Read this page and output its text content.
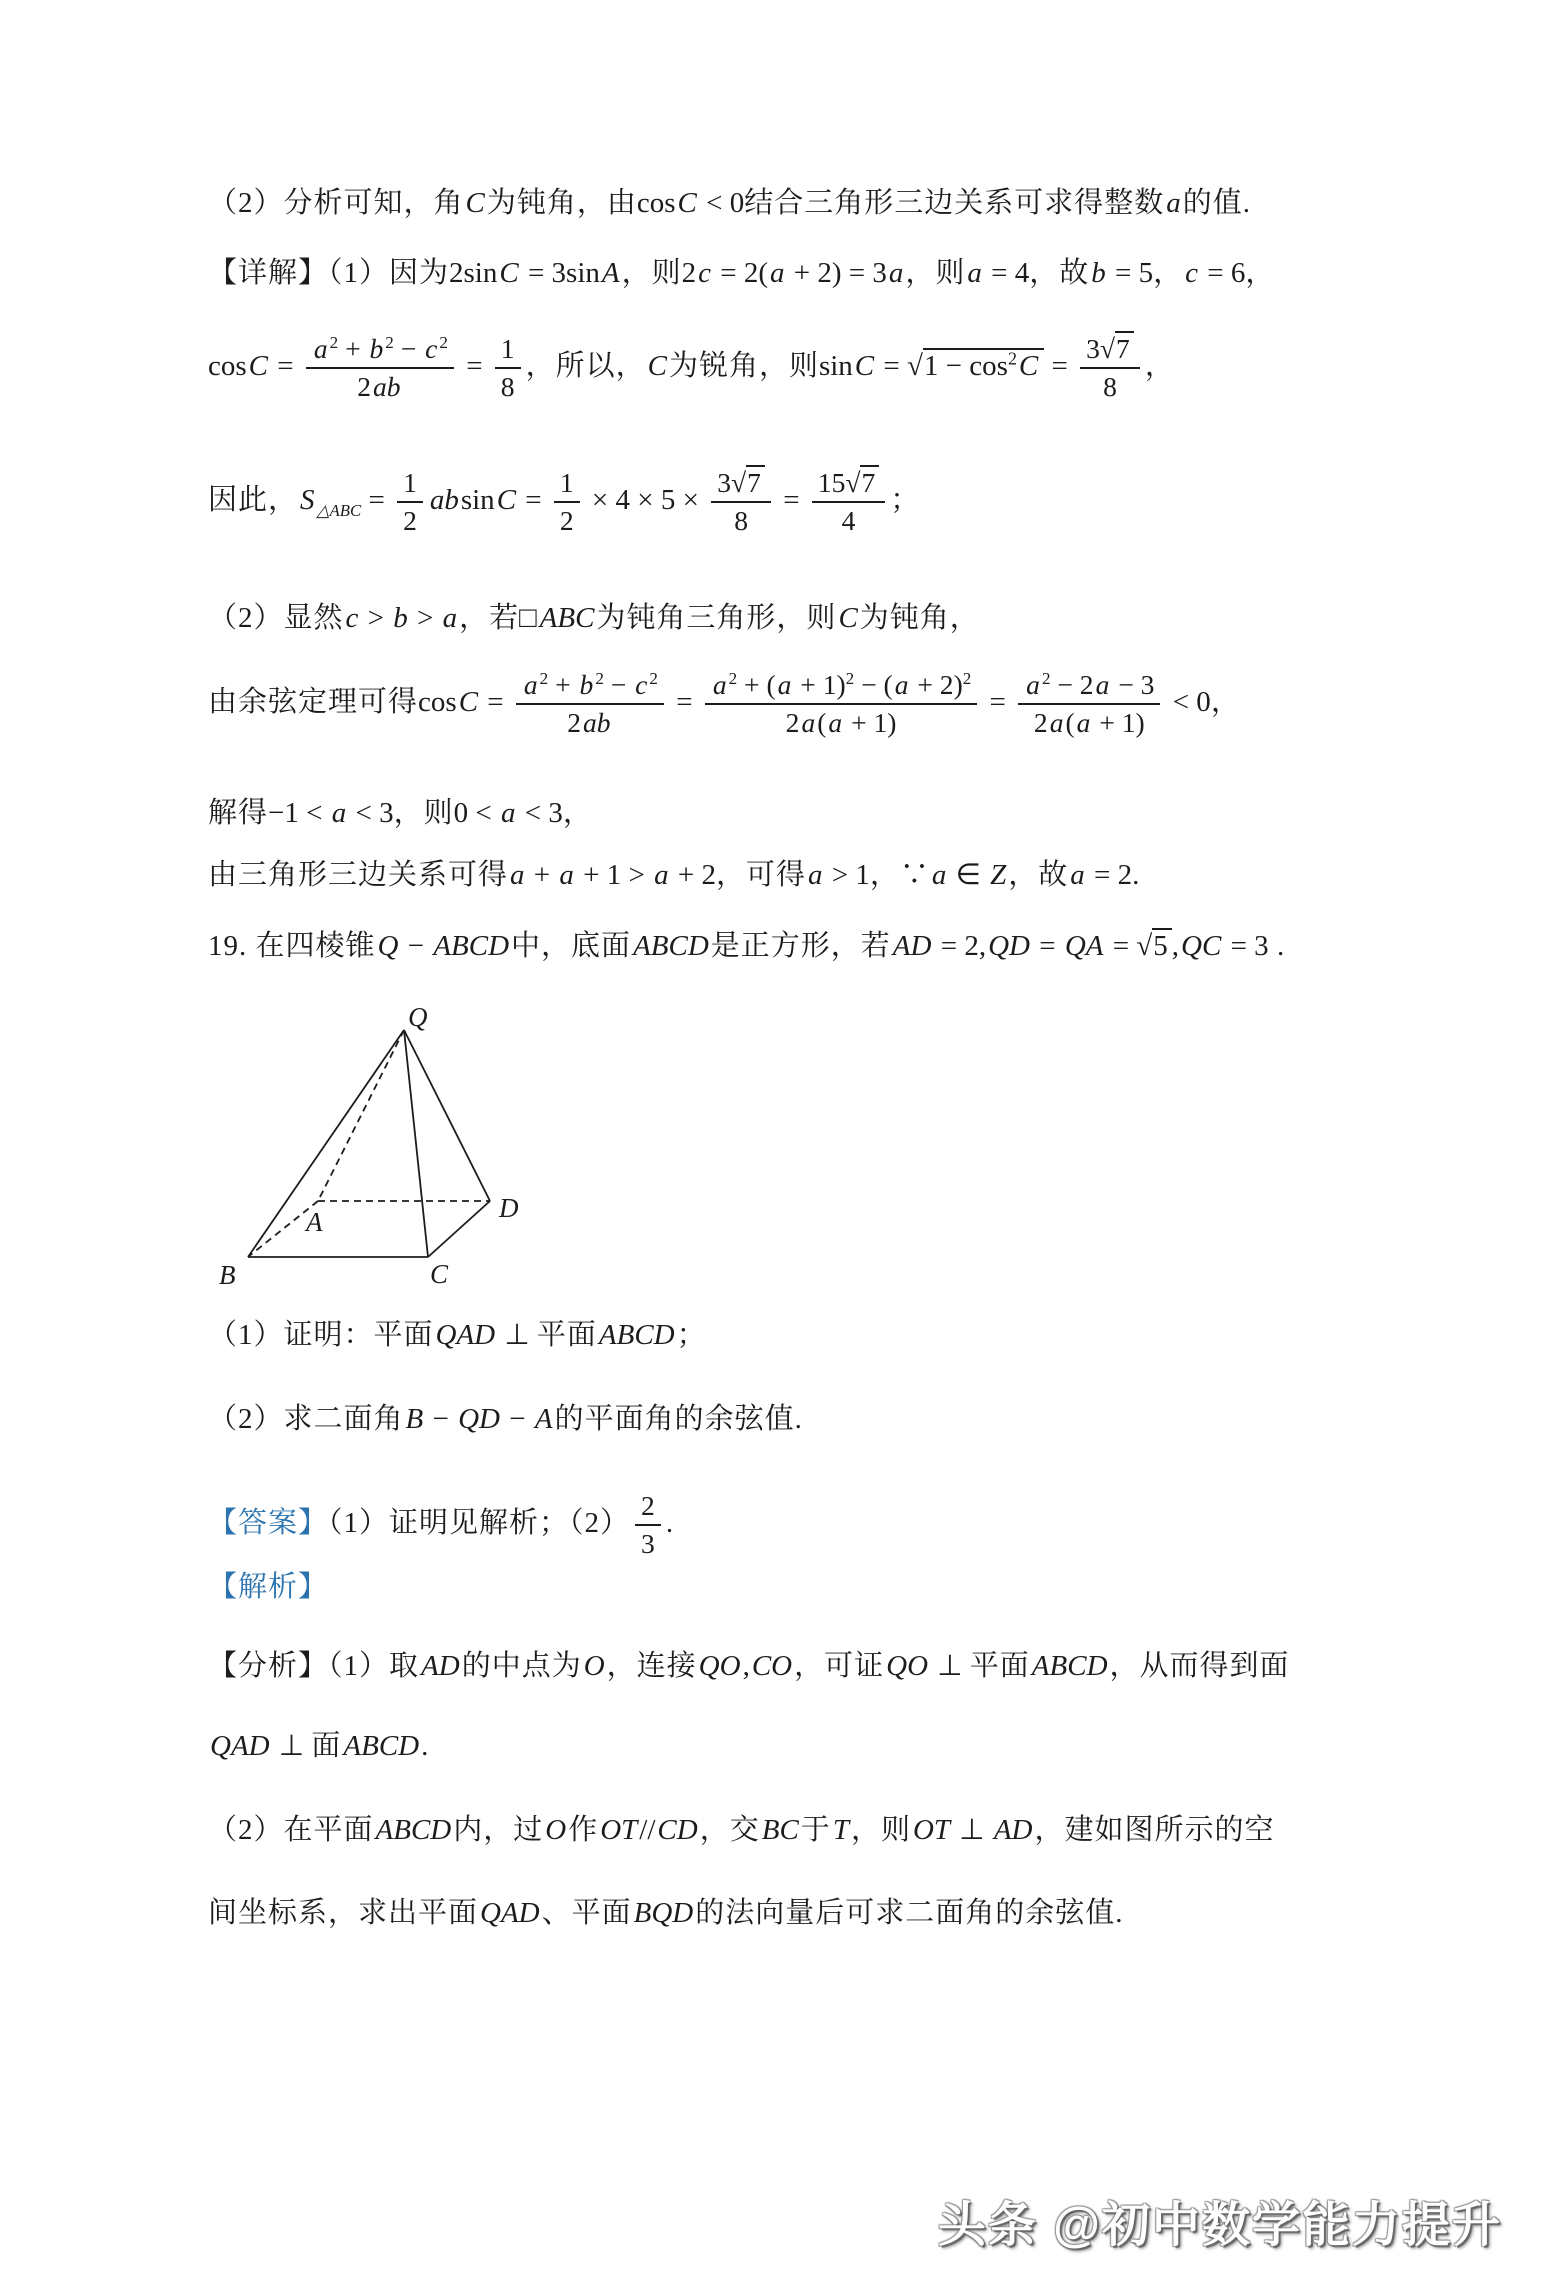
（2）分析可知，角C为钝角，由cosC < 0结合三角形三边关系可求得整数a的值.
【详解】（1）因为2sinC = 3sinA，则2c = 2(a + 2) = 3a，则a = 4，故b = 5，c = 6，
$\cos C = \frac{a ^2 + b ^2 - c ^2}{2ab} = \frac{1}{8}$ ，所以，C为锐角，则$\sin C = √1 - \cos^2C = \frac{3√7}{8}$ ，
因此，S $_{\triangle ABC} = \frac{1}{2}$ $absinC = \frac{1}{2} \times 4 \times 5 \times \frac{3√7}{8} = \frac{15√7}{4}$ ；
（2）显然c > b > a，若□ABC为钝角三角形，则C为钝角，
由余弦定理可得$\cos C = \frac{a ^2 + b ^2 - c ^2}{2ab} = \frac{a ^2 + (a + 1)^2 - (a + 2)^2}{2a(a + 1)} = \frac{a ^2 - 2a - 3}{2a(a + 1)} < 0$，
解得−1 < a < 3，则0 < a < 3，
由三角形三边关系可得a + a + 1 > a + 2，可得a > 1，∵a ∈ Z，故a = 2.
19. 在四棱锥Q − ABCD中，底面ABCD是正方形，若AD = 2,QD = QA = √5 ,QC = 3 .
Q
A
B	C
D
（1）证明：平面QAD ⊥ 平面ABCD；
（2）求二面角B − QD − A的平面角的余弦值.
【答案】（1）证明见解析；$(2) \frac{2}{3}$ .
【解析】
【分析】（1）取AD的中点为O，连接QO,CO，可证QO ⊥ 平面ABCD，从而得到面
QAD ⊥ 面ABCD.
（2）在平面ABCD内，过O作OT//CD，交BC于T，则OT ⊥ AD，建如图所示的空
间坐标系，求出平面QAD、平面BQD的法向量后可求二面角的余弦值.
头条 @初中数学能力提升
